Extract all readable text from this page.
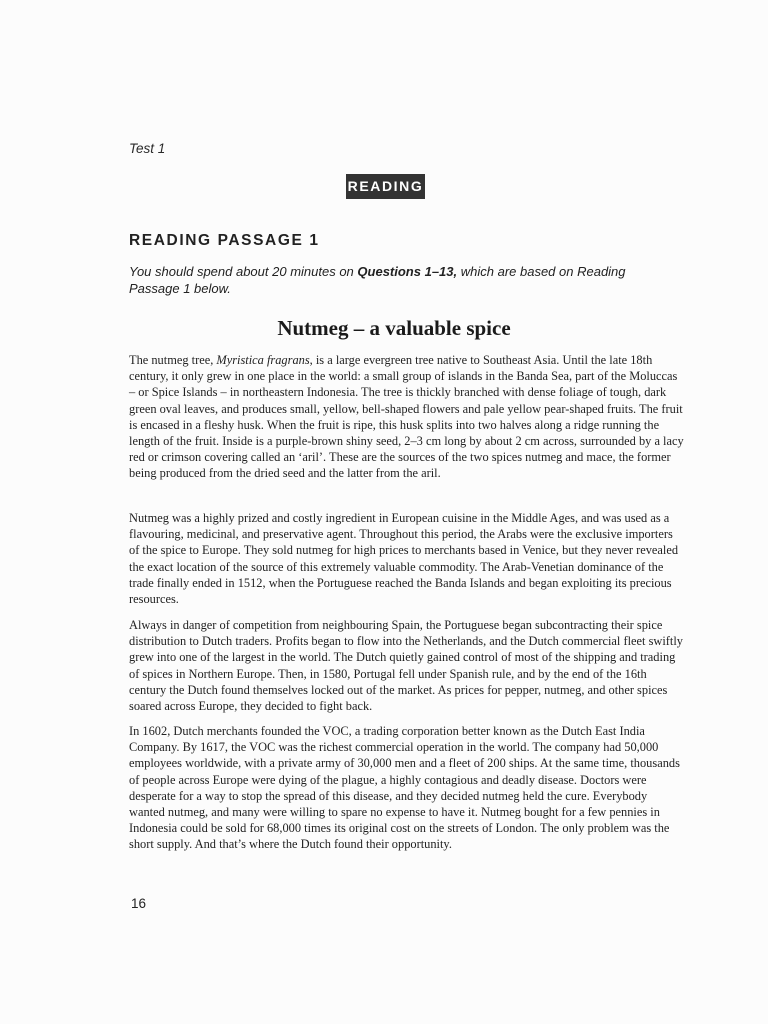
Test 1
READING
READING PASSAGE 1
You should spend about 20 minutes on Questions 1–13, which are based on Reading Passage 1 below.
Nutmeg – a valuable spice
The nutmeg tree, Myristica fragrans, is a large evergreen tree native to Southeast Asia. Until the late 18th century, it only grew in one place in the world: a small group of islands in the Banda Sea, part of the Moluccas – or Spice Islands – in northeastern Indonesia. The tree is thickly branched with dense foliage of tough, dark green oval leaves, and produces small, yellow, bell-shaped flowers and pale yellow pear-shaped fruits. The fruit is encased in a fleshy husk. When the fruit is ripe, this husk splits into two halves along a ridge running the length of the fruit. Inside is a purple-brown shiny seed, 2–3 cm long by about 2 cm across, surrounded by a lacy red or crimson covering called an ‘aril’. These are the sources of the two spices nutmeg and mace, the former being produced from the dried seed and the latter from the aril.
Nutmeg was a highly prized and costly ingredient in European cuisine in the Middle Ages, and was used as a flavouring, medicinal, and preservative agent. Throughout this period, the Arabs were the exclusive importers of the spice to Europe. They sold nutmeg for high prices to merchants based in Venice, but they never revealed the exact location of the source of this extremely valuable commodity. The Arab-Venetian dominance of the trade finally ended in 1512, when the Portuguese reached the Banda Islands and began exploiting its precious resources.
Always in danger of competition from neighbouring Spain, the Portuguese began subcontracting their spice distribution to Dutch traders. Profits began to flow into the Netherlands, and the Dutch commercial fleet swiftly grew into one of the largest in the world. The Dutch quietly gained control of most of the shipping and trading of spices in Northern Europe. Then, in 1580, Portugal fell under Spanish rule, and by the end of the 16th century the Dutch found themselves locked out of the market. As prices for pepper, nutmeg, and other spices soared across Europe, they decided to fight back.
In 1602, Dutch merchants founded the VOC, a trading corporation better known as the Dutch East India Company. By 1617, the VOC was the richest commercial operation in the world. The company had 50,000 employees worldwide, with a private army of 30,000 men and a fleet of 200 ships. At the same time, thousands of people across Europe were dying of the plague, a highly contagious and deadly disease. Doctors were desperate for a way to stop the spread of this disease, and they decided nutmeg held the cure. Everybody wanted nutmeg, and many were willing to spare no expense to have it. Nutmeg bought for a few pennies in Indonesia could be sold for 68,000 times its original cost on the streets of London. The only problem was the short supply. And that’s where the Dutch found their opportunity.
16
